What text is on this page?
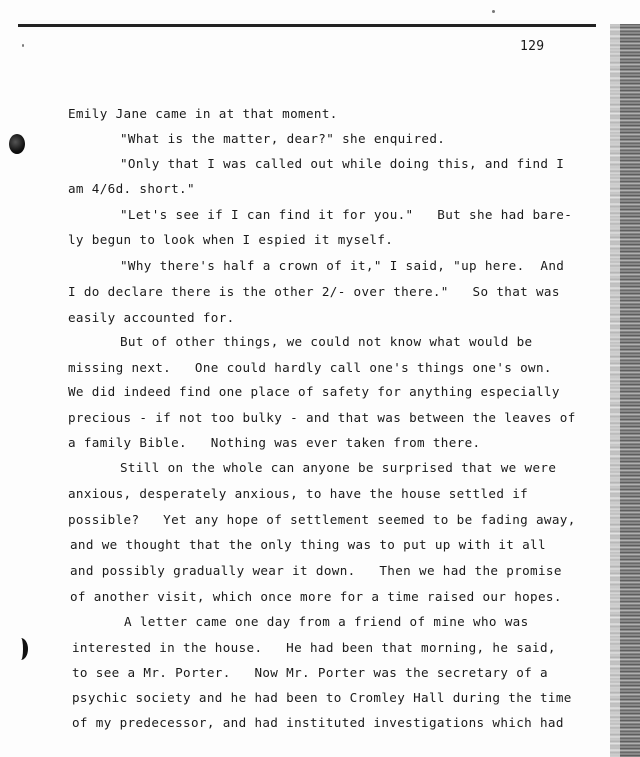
129
Emily Jane came in at that moment.
"What is the matter, dear?" she enquired.
"Only that I was called out while doing this, and find I
am 4/6d. short."
"Let's see if I can find it for you."   But she had bare-
ly begun to look when I espied it myself.
"Why there's half a crown of it," I said, "up here.  And
I do declare there is the other 2/- over there."   So that was
easily accounted for.
But of other things, we could not know what would be
missing next.   One could hardly call one's things one's own.
We did indeed find one place of safety for anything especially
precious - if not too bulky - and that was between the leaves of
a family Bible.   Nothing was ever taken from there.
Still on the whole can anyone be surprised that we were
anxious, desperately anxious, to have the house settled if
possible?   Yet any hope of settlement seemed to be fading away,
and we thought that the only thing was to put up with it all
and possibly gradually wear it down.   Then we had the promise
of another visit, which once more for a time raised our hopes.
A letter came one day from a friend of mine who was
interested in the house.   He had been that morning, he said,
to see a Mr. Porter.   Now Mr. Porter was the secretary of a
psychic society and he had been to Cromley Hall during the time
of my predecessor, and had instituted investigations which had
